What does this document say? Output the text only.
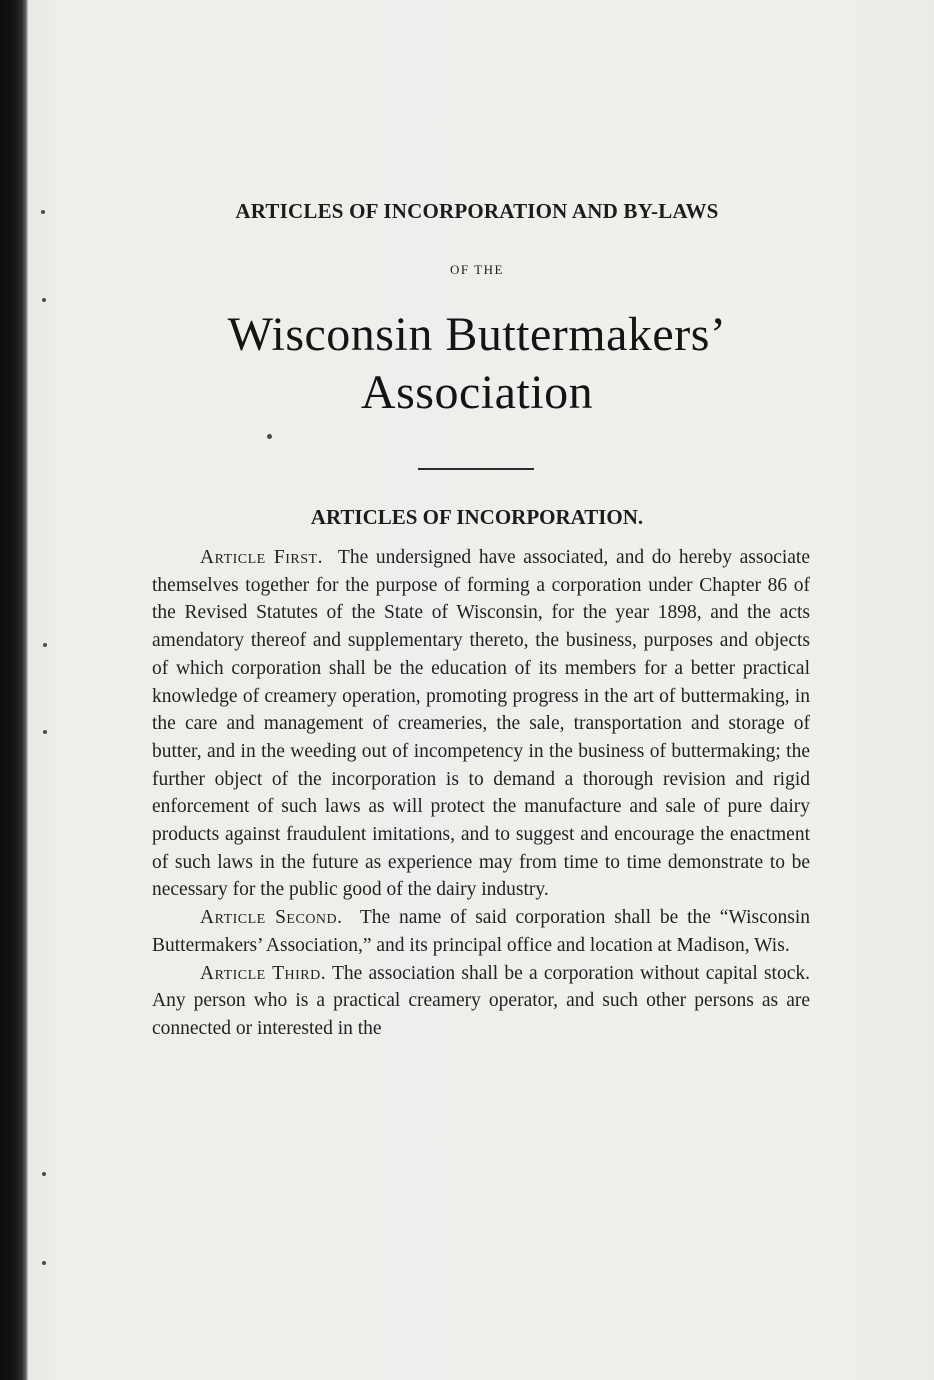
ARTICLES OF INCORPORATION AND BY-LAWS
OF THE
Wisconsin Buttermakers’
Association
ARTICLES OF INCORPORATION.

Article First. The undersigned have associated, and do hereby associate themselves together for the purpose of forming a corporation under Chapter 86 of the Revised Statutes of the State of Wisconsin, for the year 1898, and the acts amendatory thereof and supplementary thereto, the business, purposes and objects of which corporation shall be the education of its members for a better practical knowledge of creamery operation, promoting progress in the art of buttermaking, in the care and management of creameries, the sale, transportation and storage of butter, and in the weeding out of incompetency in the business of buttermaking; the further object of the incorporation is to demand a thorough revision and rigid enforcement of such laws as will protect the manufacture and sale of pure dairy products against fraudulent imitations, and to suggest and encourage the enactment of such laws in the future as experience may from time to time demonstrate to be necessary for the public good of the dairy industry.

Article Second. The name of said corporation shall be the “Wisconsin Buttermakers’ Association,” and its principal office and location at Madison, Wis.

Article Third. The association shall be a corporation without capital stock. Any person who is a practical creamery operator, and such other persons as are connected or interested in the
